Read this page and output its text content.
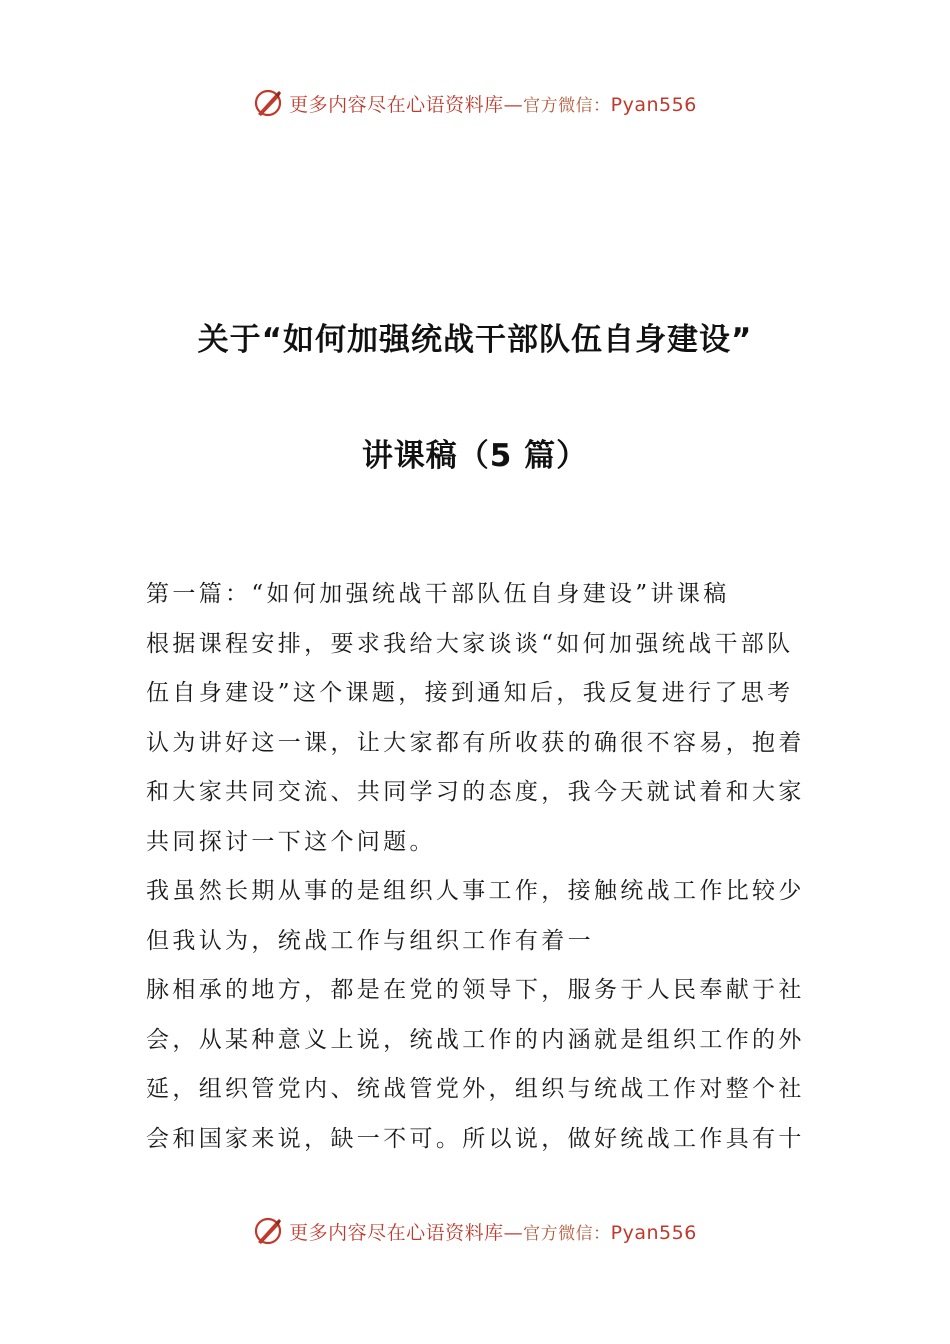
更多内容尽在心语资料库—官方微信：Pyan556
关于“如何加强统战干部队伍自身建设”
讲课稿（5 篇）
第一篇：“如何加强统战干部队伍自身建设”讲课稿
根据课程安排，要求我给大家谈谈“如何加强统战干部队
伍自身建设”这个课题，接到通知后，我反复进行了思考
认为讲好这一课，让大家都有所收获的确很不容易，抱着
和大家共同交流、共同学习的态度，我今天就试着和大家
共同探讨一下这个问题。
我虽然长期从事的是组织人事工作，接触统战工作比较少
但我认为，统战工作与组织工作有着一
脉相承的地方，都是在党的领导下，服务于人民奉献于社
会，从某种意义上说，统战工作的内涵就是组织工作的外
延，组织管党内、统战管党外，组织与统战工作对整个社
会和国家来说，缺一不可。所以说，做好统战工作具有十
更多内容尽在心语资料库—官方微信：Pyan556
